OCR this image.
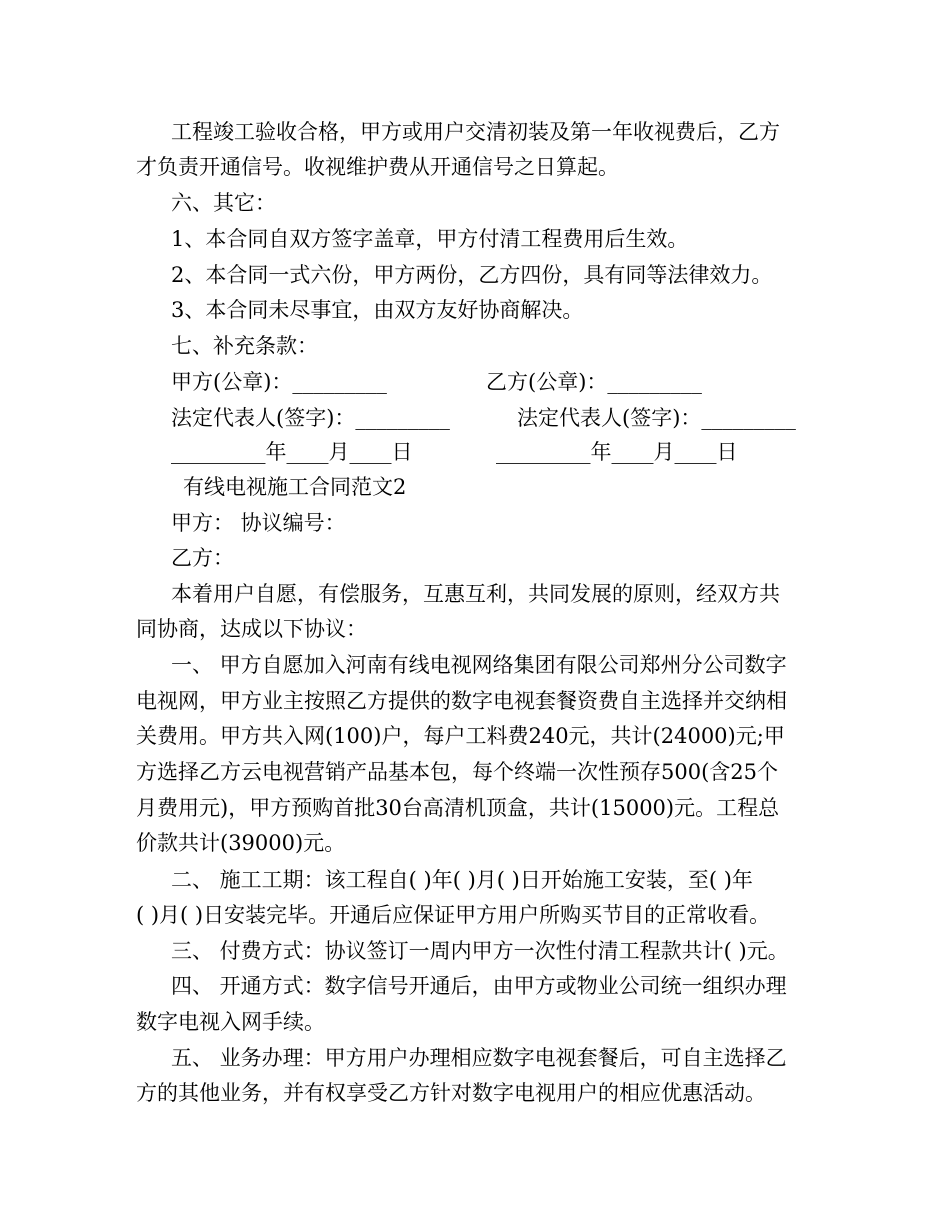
工程竣工验收合格，甲方或用户交清初装及第一年收视费后，乙方
才负责开通信号。收视维护费从开通信号之日算起。
六、其它：
1、本合同自双方签字盖章，甲方付清工程费用后生效。
2、本合同一式六份，甲方两份，乙方四份，具有同等法律效力。
3、本合同未尽事宜，由双方友好协商解决。
七、补充条款：
甲方(公章)：_________	乙方(公章)：_________
法定代表人(签字)：_________	法定代表人(签字)：_________
_________年____月____日	_________年____月____日
有线电视施工合同范文2
甲方： 协议编号：
乙方：
本着用户自愿，有偿服务，互惠互利，共同发展的原则，经双方共
同协商，达成以下协议：
一、 甲方自愿加入河南有线电视网络集团有限公司郑州分公司数字
电视网，甲方业主按照乙方提供的数字电视套餐资费自主选择并交纳相
关费用。甲方共入网(100)户，每户工料费240元，共计(24000)元;甲
方选择乙方云电视营销产品基本包，每个终端一次性预存500(含25个
月费用元)，甲方预购首批30台高清机顶盒，共计(15000)元。工程总
价款共计(39000)元。
二、 施工工期：该工程自( )年( )月( )日开始施工安装，至( )年
( )月( )日安装完毕。开通后应保证甲方用户所购买节目的正常收看。
三、 付费方式：协议签订一周内甲方一次性付清工程款共计( )元。
四、 开通方式：数字信号开通后，由甲方或物业公司统一组织办理
数字电视入网手续。
五、 业务办理：甲方用户办理相应数字电视套餐后，可自主选择乙
方的其他业务，并有权享受乙方针对数字电视用户的相应优惠活动。
